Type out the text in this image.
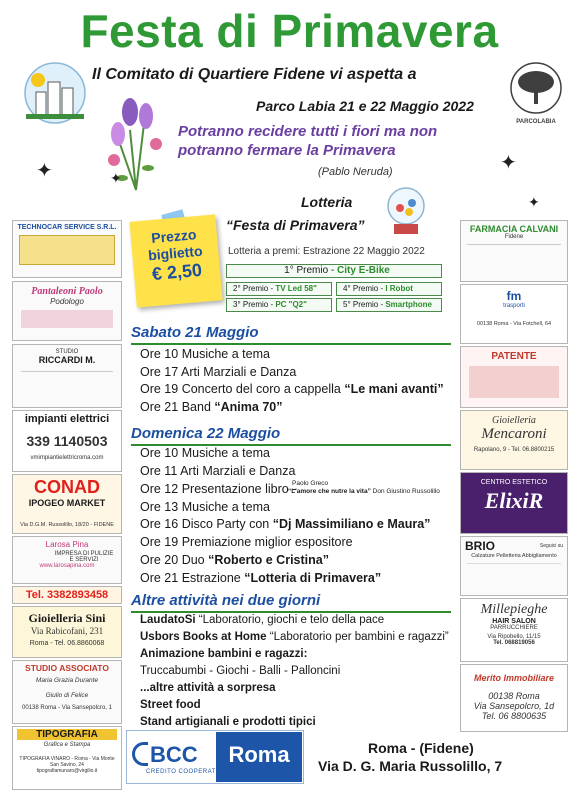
Festa di Primavera
Il Comitato di Quartiere Fidene vi aspetta a
Parco Labia 21 e 22 Maggio 2022
PARCOLABIA
Potranno recidere tutti i fiori ma non potranno fermare la Primavera
(Pablo Neruda)
✦	✦
✦
✦
Lotteria
“Festa di Primavera”
Lotteria a premi: Estrazione 22 Maggio 2022
Prezzo
biglietto
€ 2,50	1° Premio - City E-Bike
2° Premio - TV Led 58"	4° Premio - I Robot
3° Premio - PC "Q2"	5° Premio - Smartphone
Sabato 21 Maggio
Ore 10 Musiche a tema
Ore 17 Arti Marziali e Danza
Ore 19 Concerto del coro a cappella “Le mani avanti”
Ore 21 Band “Anima 70”
Domenica 22 Maggio
Ore 10 Musiche a tema
Ore 11 Arti Marziali e Danza
Ore 12 Presentazione libro -
Paolo Greco
“L'amore che nutre la vita” Don Giustino Russolillo
Ore 13 Musiche a tema
Ore 16 Disco Party con “Dj Massimiliano e Maura”
Ore 19 Premiazione miglior espositore
Ore 20 Duo “Roberto e Cristina”
Ore 21 Estrazione “Lotteria di Primavera”
Altre attività nei due giorni
LaudatoSi “Laboratorio, giochi e telo della pace
Usbors Books at Home “Laboratorio per bambini e ragazzi”
Animazione bambini e ragazzi:
Truccabumbi - Giochi - Balli - Palloncini
...altre attività a sorpresa
Street food
Stand artigianali e prodotti tipici
TECHNOCAR SERVICE S.R.L.
Pantaleoni Paolo
Podologo
STUDIO
RICCARDI M.
impianti elettrici
339 1140503
vmimpiantielettricroma.com
CONAD
IPOGEO MARKET
Via D.G.M. Russolillo, 18/20 - FIDENE
Larosa Pina
IMPRESA DI PULIZIE E SERVIZI
www.larosapina.com
Tel. 3382893458
Gioielleria Sini
Via Rabicofani, 231
Roma - Tel. 06.8860068
STUDIO ASSOCIATO
Maria Grazia Durante
Giulio di Felice
00138 Roma - Via Sansepolcro, 1
TIPOGRAFIA
Grafica e Stampa
TIPOGRAFIA VINARO - Roma - Via Monte San Savino, 24
tipografiamunaro@virgilio.it
FARMACIA CALVANI
Fidene
fm
trasporti
00138 Roma - Via Fotchell, 64
PATENTE
Gioielleria
Mencaroni
Rapolano, 9 - Tel. 06.8800215
CENTRO ESTETICO
ElixiR
BRIO	Seguici su
Calzature Pelletteria Abbigliamento
Millepieghe
HAIR SALON
PARRUCCHIERE
Via Ripobello, 11/15
Tel. 068819056
Merito Immobiliare
00138 Roma
Via Sansepolcro, 1d
Tel. 06 8800635
BCC
CREDITO COOPERATIVO
Roma	Roma - (Fidene)
Via D. G. Maria Russolillo, 7
